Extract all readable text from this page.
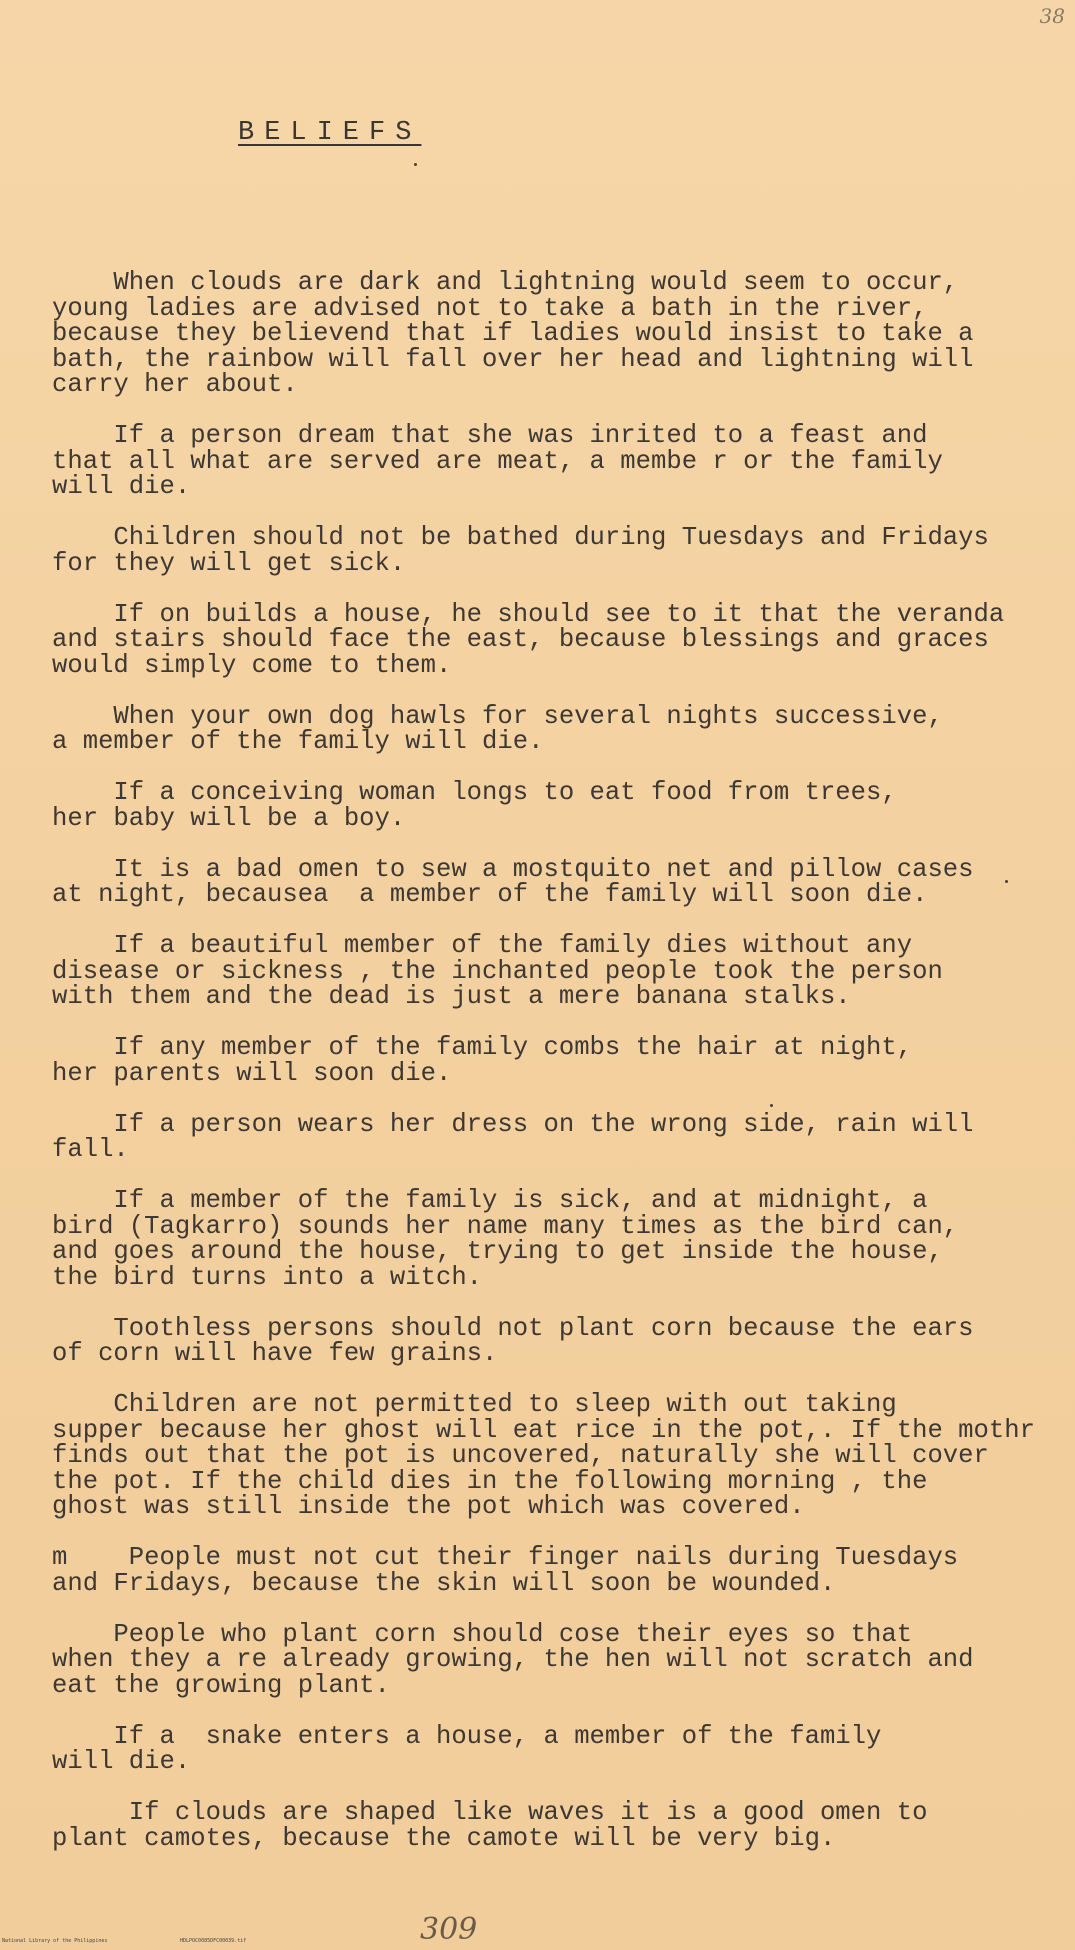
38
BELIEFS

When clouds are dark and lightning would seem to occur,
young ladies are advised not to take a bath in the river,
because they believend that if ladies would insist to take a
bath, the rainbow will fall over her head and lightning will
carry her about.

If a person dream that she was inrited to a feast and
that all what are served are meat, a membe r or the family
will die.

Children should not be bathed during Tuesdays and Fridays
for they will get sick.

If on builds a house, he should see to it that the veranda
and stairs should face the east, because blessings and graces
would simply come to them.

When your own dog hawls for several nights successive,
a member of the family will die.

If a conceiving woman longs to eat food from trees,
her baby will be a boy.

It is a bad omen to sew a mostquito net and pillow cases
at night, becausea  a member of the family will soon die.

If a beautiful member of the family dies without any
disease or sickness , the inchanted people took the person
with them and the dead is just a mere banana stalks.

If any member of the family combs the hair at night,
her parents will soon die.

If a person wears her dress on the wrong side, rain will
fall.

If a member of the family is sick, and at midnight, a
bird (Tagkarro) sounds her name many times as the bird can,
and goes around the house, trying to get inside the house,
the bird turns into a witch.

Toothless persons should not plant corn because the ears
of corn will have few grains.

Children are not permitted to sleep with out taking
supper because her ghost will eat rice in the pot,. If the mothr
finds out that the pot is uncovered, naturally she will cover
the pot. If the child dies in the following morning , the
ghost was still inside the pot which was covered.

m    People must not cut their finger nails during Tuesdays
and Fridays, because the skin will soon be wounded.

People who plant corn should cose their eyes so that
when they a re already growing, the hen will not scratch and
eat the growing plant.

If a  snake enters a house, a member of the family
will die.

If clouds are shaped like waves it is a good omen to
plant camotes, because the camote will be very big.

309
National Library of the Philippines	HDLPOC0085DFC00039.tif
